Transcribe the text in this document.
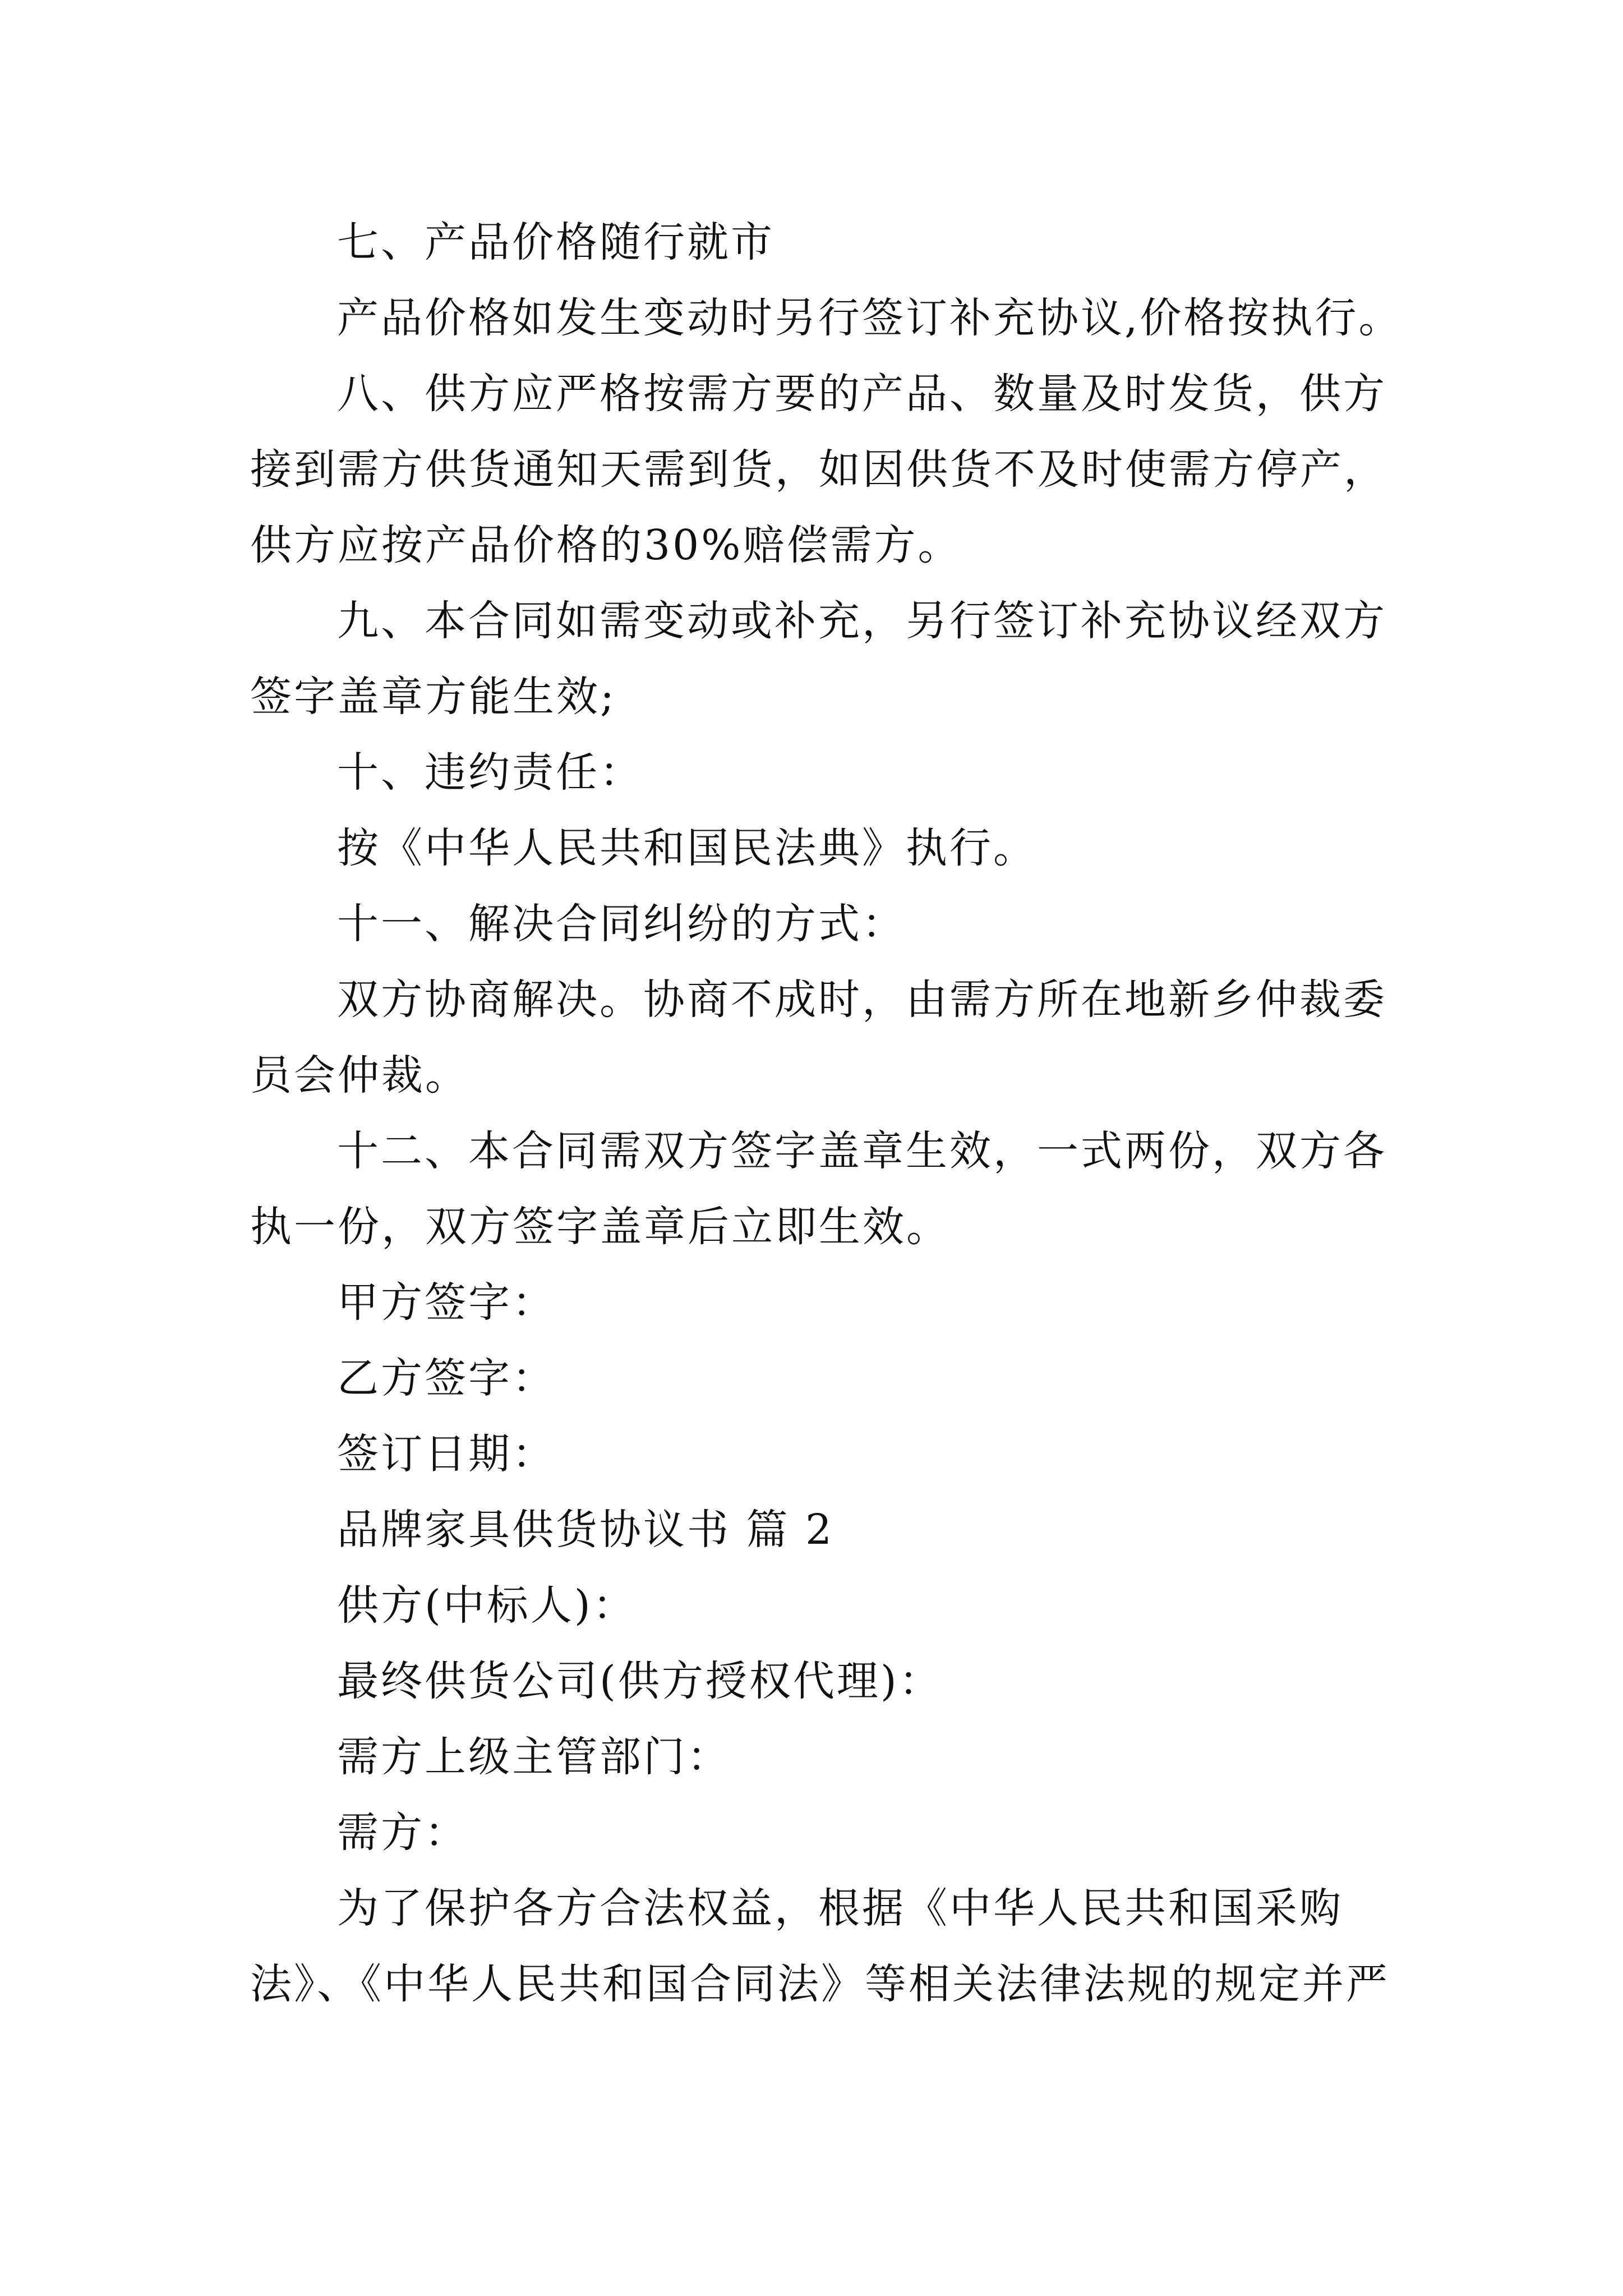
七、产品价格随行就市
产品价格如发生变动时另行签订补充协议,价格按执行。
八、供方应严格按需方要的产品、数量及时发货，供方
接到需方供货通知天需到货，如因供货不及时使需方停产，
供方应按产品价格的30%赔偿需方。
九、本合同如需变动或补充，另行签订补充协议经双方
签字盖章方能生效;
十、违约责任：
按《中华人民共和国民法典》执行。
十一、解决合同纠纷的方式：
双方协商解决。协商不成时，由需方所在地新乡仲裁委
员会仲裁。
十二、本合同需双方签字盖章生效，一式两份，双方各
执一份，双方签字盖章后立即生效。
甲方签字：
乙方签字：
签订日期：
品牌家具供货协议书 篇 2
供方(中标人)：
最终供货公司(供方授权代理)：
需方上级主管部门：
需方：
为了保护各方合法权益，根据《中华人民共和国采购
法》、《中华人民共和国合同法》等相关法律法规的规定并严
